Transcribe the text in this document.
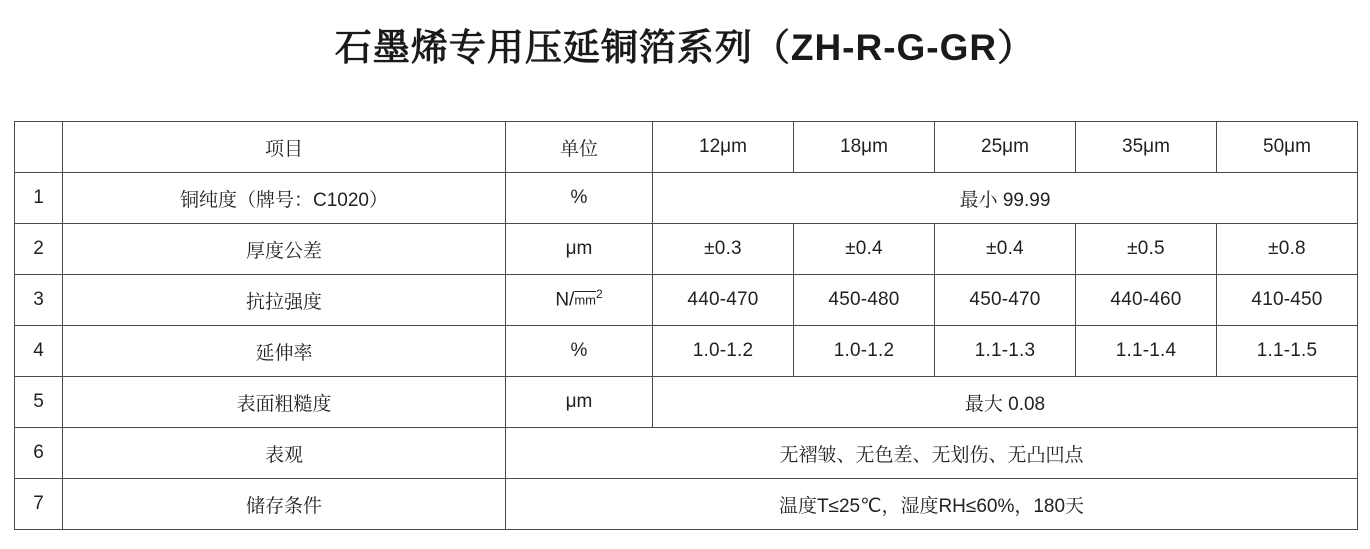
石墨烯专用压延铜箔系列（ZH-R-G-GR）
	项目	单位	12μm	18μm	25μm	35μm	50μm
1	铜纯度（牌号：C1020）	%	最小 99.99				
2	厚度公差	μm	±0.3	±0.4	±0.4	±0.5	±0.8
3	抗拉强度	$N/\overline{mm}^2$	440-470	450-480	450-470	440-460	410-450
4	延伸率	%	1.0-1.2	1.0-1.2	1.1-1.3	1.1-1.4	1.1-1.5
5	表面粗糙度	μm	最大 0.08				
6	表观	无褶皱、无色差、无划伤、无凸凹点					
7	储存条件	温度T≤25℃，湿度RH≤60%，180天					
